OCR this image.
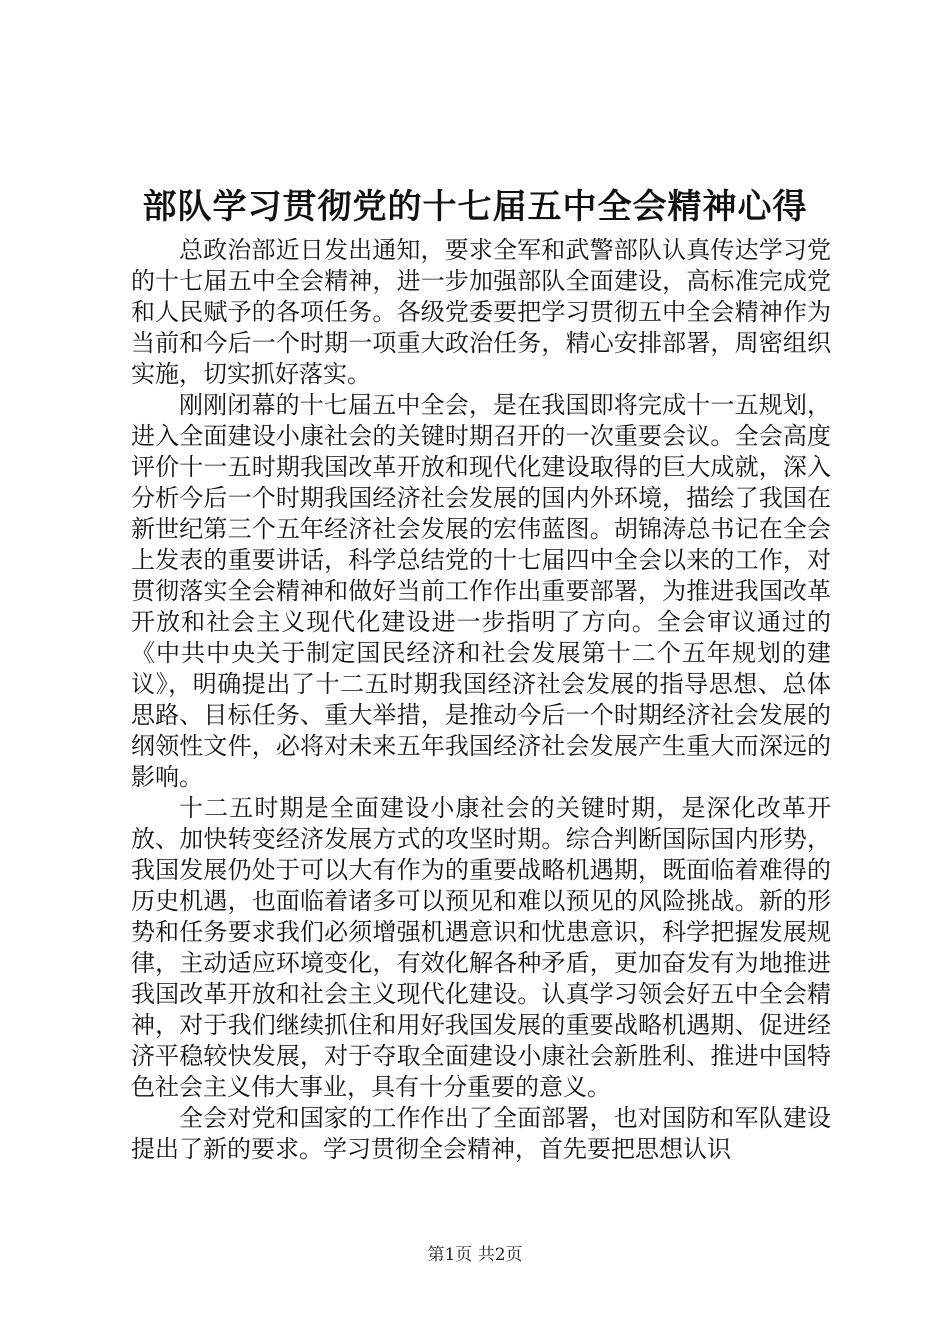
部队学习贯彻党的十七届五中全会精神心得

总政治部近日发出通知，要求全军和武警部队认真传达学习党的十七届五中全会精神，进一步加强部队全面建设，高标准完成党和人民赋予的各项任务。各级党委要把学习贯彻五中全会精神作为当前和今后一个时期一项重大政治任务，精心安排部署，周密组织实施，切实抓好落实。

刚刚闭幕的十七届五中全会，是在我国即将完成十一五规划，进入全面建设小康社会的关键时期召开的一次重要会议。全会高度评价十一五时期我国改革开放和现代化建设取得的巨大成就，深入分析今后一个时期我国经济社会发展的国内外环境，描绘了我国在新世纪第三个五年经济社会发展的宏伟蓝图。胡锦涛总书记在全会上发表的重要讲话，科学总结党的十七届四中全会以来的工作，对贯彻落实全会精神和做好当前工作作出重要部署，为推进我国改革开放和社会主义现代化建设进一步指明了方向。全会审议通过的《中共中央关于制定国民经济和社会发展第十二个五年规划的建议》，明确提出了十二五时期我国经济社会发展的指导思想、总体思路、目标任务、重大举措，是推动今后一个时期经济社会发展的纲领性文件，必将对未来五年我国经济社会发展产生重大而深远的影响。

十二五时期是全面建设小康社会的关键时期，是深化改革开放、加快转变经济发展方式的攻坚时期。综合判断国际国内形势，我国发展仍处于可以大有作为的重要战略机遇期，既面临着难得的历史机遇，也面临着诸多可以预见和难以预见的风险挑战。新的形势和任务要求我们必须增强机遇意识和忧患意识，科学把握发展规律，主动适应环境变化，有效化解各种矛盾，更加奋发有为地推进我国改革开放和社会主义现代化建设。认真学习领会好五中全会精神，对于我们继续抓住和用好我国发展的重要战略机遇期、促进经济平稳较快发展，对于夺取全面建设小康社会新胜利、推进中国特色社会主义伟大事业，具有十分重要的意义。

全会对党和国家的工作作出了全面部署，也对国防和军队建设提出了新的要求。学习贯彻全会精神，首先要把思想认识

第1页 共2页
